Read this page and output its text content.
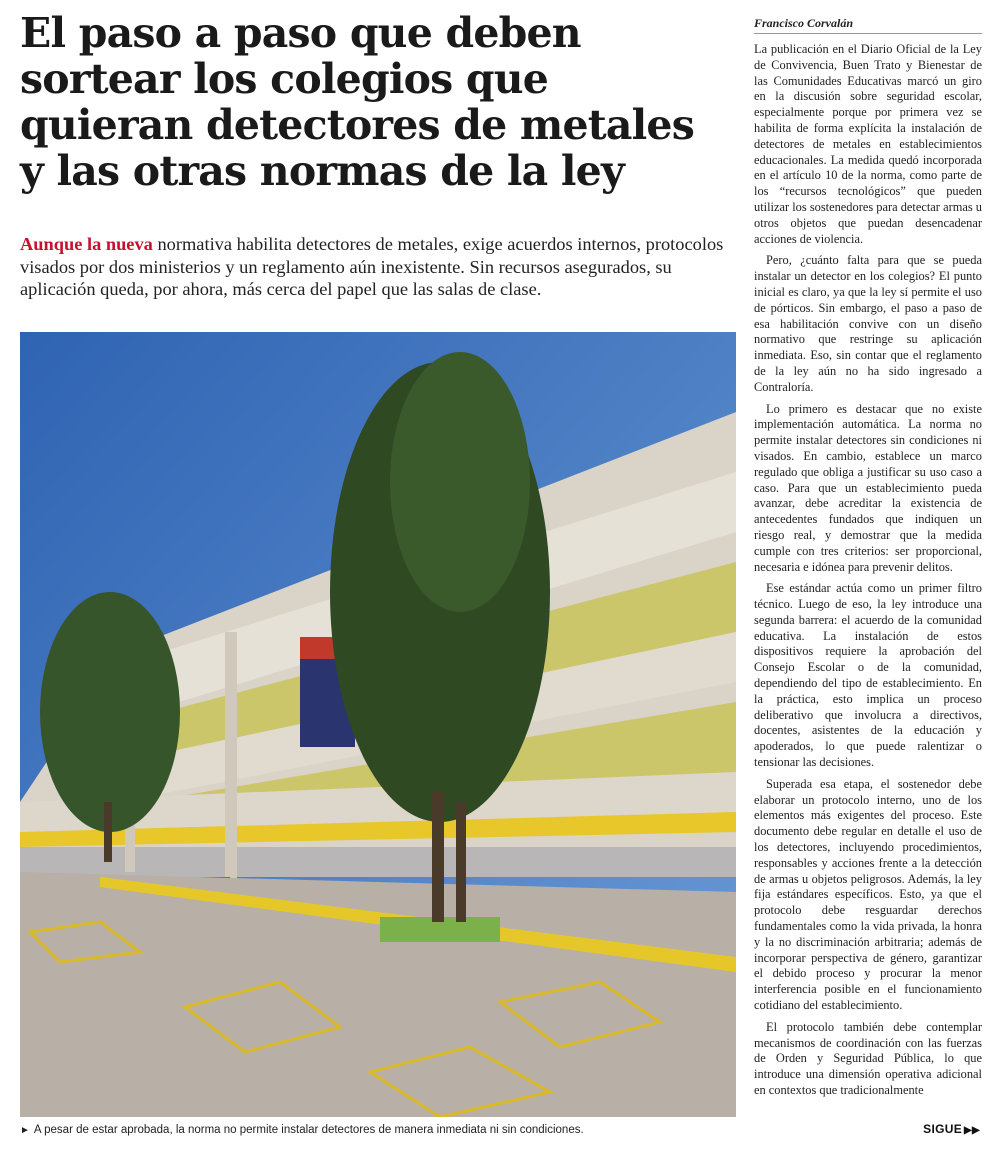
El paso a paso que deben sortear los colegios que quieran detectores de metales y las otras normas de la ley

Aunque la nueva normativa habilita detectores de metales, exige acuerdos internos, protocolos visados por dos ministerios y un reglamento aún inexistente. Sin recursos asegurados, su aplicación queda, por ahora, más cerca del papel que las salas de clase.

► A pesar de estar aprobada, la norma no permite instalar detectores de manera inmediata ni sin condiciones.
Francisco Corvalán

La publicación en el Diario Oficial de la Ley de Convivencia, Buen Trato y Bienestar de las Comunidades Educativas marcó un giro en la discusión sobre seguridad escolar, especialmente porque por primera vez se habilita de forma explícita la instalación de detectores de metales en establecimientos educacionales. La medida quedó incorporada en el artículo 10 de la norma, como parte de los “recursos tecnológicos” que pueden utilizar los sostenedores para detectar armas u otros objetos que puedan desencadenar acciones de violencia.

Pero, ¿cuánto falta para que se pueda instalar un detector en los colegios? El punto inicial es claro, ya que la ley sí permite el uso de pórticos. Sin embargo, el paso a paso de esa habilitación convive con un diseño normativo que restringe su aplicación inmediata. Eso, sin contar que el reglamento de la ley aún no ha sido ingresado a Contraloría.

Lo primero es destacar que no existe implementación automática. La norma no permite instalar detectores sin condiciones ni visados. En cambio, establece un marco regulado que obliga a justificar su uso caso a caso. Para que un establecimiento pueda avanzar, debe acreditar la existencia de antecedentes fundados que indiquen un riesgo real, y demostrar que la medida cumple con tres criterios: ser proporcional, necesaria e idónea para prevenir delitos.

Ese estándar actúa como un primer filtro técnico. Luego de eso, la ley introduce una segunda barrera: el acuerdo de la comunidad educativa. La instalación de estos dispositivos requiere la aprobación del Consejo Escolar o de la comunidad, dependiendo del tipo de establecimiento. En la práctica, esto implica un proceso deliberativo que involucra a directivos, docentes, asistentes de la educación y apoderados, lo que puede ralentizar o tensionar las decisiones.

Superada esa etapa, el sostenedor debe elaborar un protocolo interno, uno de los elementos más exigentes del proceso. Este documento debe regular en detalle el uso de los detectores, incluyendo procedimientos, responsables y acciones frente a la detección de armas u objetos peligrosos. Además, la ley fija estándares específicos. Esto, ya que el protocolo debe resguardar derechos fundamentales como la vida privada, la honra y la no discriminación arbitraria; además de incorporar perspectiva de género, garantizar el debido proceso y procurar la menor interferencia posible en el funcionamiento cotidiano del establecimiento.

El protocolo también debe contemplar mecanismos de coordinación con las fuerzas de Orden y Seguridad Pública, lo que introduce una dimensión operativa adicional en contextos que tradicionalmente

SIGUE ▶▶
